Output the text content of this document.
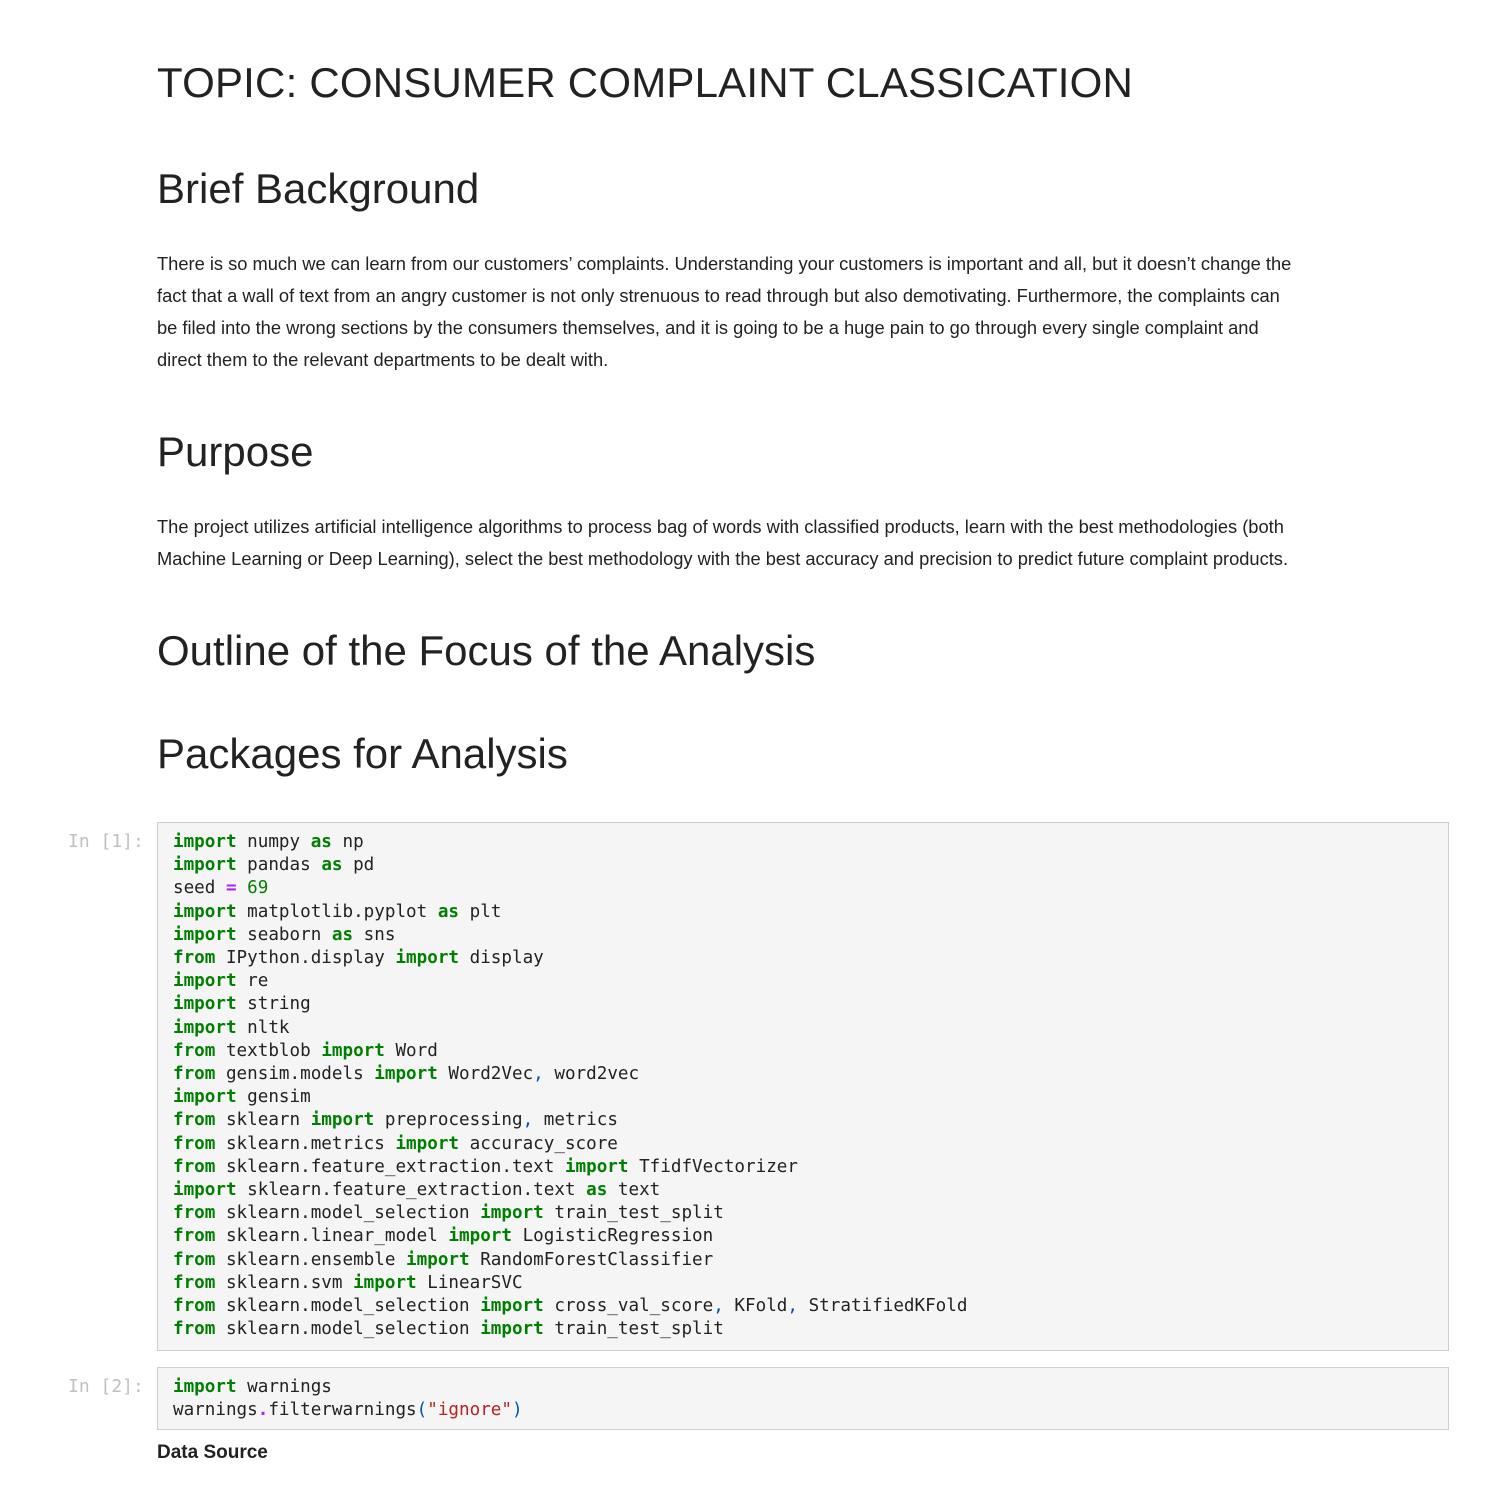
TOPIC: CONSUMER COMPLAINT CLASSICATION
Brief Background

There is so much we can learn from our customers’ complaints. Understanding your customers is important and all, but it doesn’t change the

fact that a wall of text from an angry customer is not only strenuous to read through but also demotivating. Furthermore, the complaints can

be filed into the wrong sections by the consumers themselves, and it is going to be a huge pain to go through every single complaint and

direct them to the relevant departments to be dealt with.

Purpose

The project utilizes artificial intelligence algorithms to process bag of words with classified products, learn with the best methodologies (both

Machine Learning or Deep Learning), select the best methodology with the best accuracy and precision to predict future complaint products.

Outline of the Focus of the Analysis
Packages for Analysis
In [1]:	import numpy as np
import pandas as pd
seed = 69
import matplotlib.pyplot as plt
import seaborn as sns
from IPython.display import display
import re
import string
import nltk
from textblob import Word
from gensim.models import Word2Vec, word2vec
import gensim
from sklearn import preprocessing, metrics
from sklearn.metrics import accuracy_score
from sklearn.feature_extraction.text import TfidfVectorizer
import sklearn.feature_extraction.text as text
from sklearn.model_selection import train_test_split
from sklearn.linear_model import LogisticRegression
from sklearn.ensemble import RandomForestClassifier
from sklearn.svm import LinearSVC
from sklearn.model_selection import cross_val_score, KFold, StratifiedKFold
from sklearn.model_selection import train_test_split
In [2]:	import warnings
warnings.filterwarnings("ignore")
Data Source
